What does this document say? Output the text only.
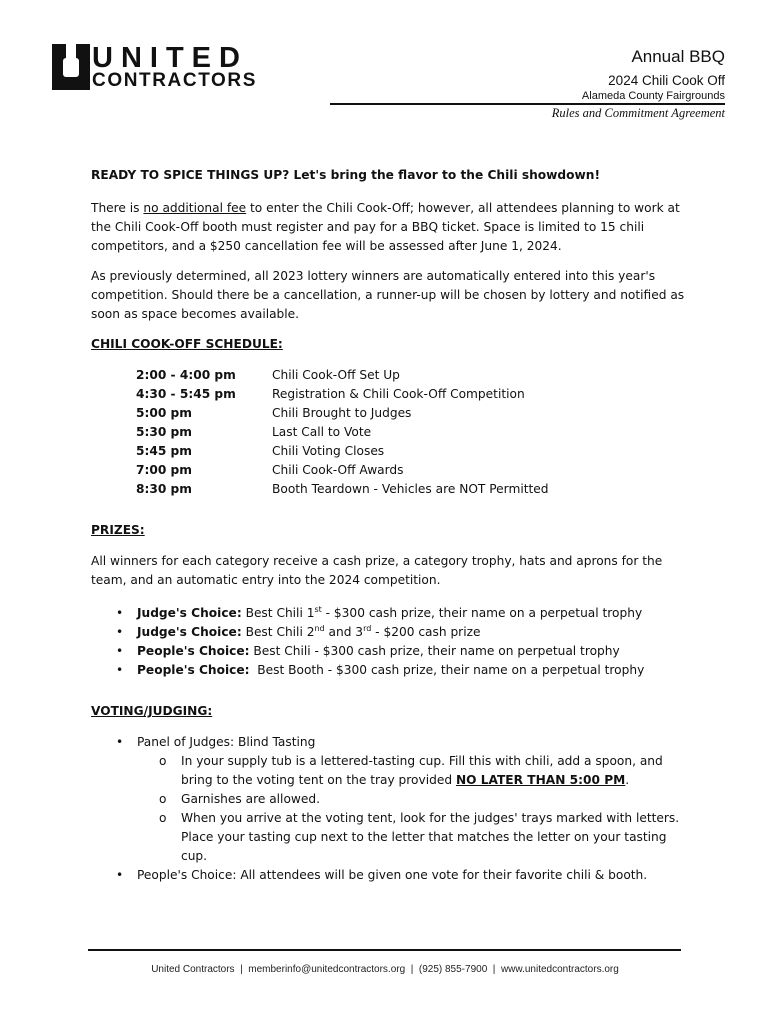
UNITED
CONTRACTORS
Annual BBQ
2024 Chili Cook Off
Alameda County Fairgrounds
Rules and Commitment Agreement

READY TO SPICE THINGS UP? Let's bring the flavor to the Chili showdown!

There is no additional fee to enter the Chili Cook-Off; however, all attendees planning to work at the Chili Cook-Off booth must register and pay for a BBQ ticket. Space is limited to 15 chili competitors, and a $250 cancellation fee will be assessed after June 1, 2024.

As previously determined, all 2023 lottery winners are automatically entered into this year's competition. Should there be a cancellation, a runner-up will be chosen by lottery and notified as soon as space becomes available.

CHILI COOK-OFF SCHEDULE:
2:00 - 4:00 pm	Chili Cook-Off Set Up
4:30 - 5:45 pm	Registration & Chili Cook-Off Competition
5:00 pm	Chili Brought to Judges
5:30 pm	Last Call to Vote
5:45 pm	Chili Voting Closes
7:00 pm	Chili Cook-Off Awards
8:30 pm	Booth Teardown - Vehicles are NOT Permitted
PRIZES:

All winners for each category receive a cash prize, a category trophy, hats and aprons for the team, and an automatic entry into the 2024 competition.

• Judge's Choice: Best Chili 1st - $300 cash prize, their name on a perpetual trophy
• Judge's Choice: Best Chili 2nd and 3rd - $200 cash prize
• People's Choice: Best Chili - $300 cash prize, their name on perpetual trophy
• People's Choice:  Best Booth - $300 cash prize, their name on a perpetual trophy
VOTING/JUDGING:
• Panel of Judges: Blind Tasting
o In your supply tub is a lettered-tasting cup. Fill this with chili, add a spoon, and bring to the voting tent on the tray provided NO LATER THAN 5:00 PM.
o Garnishes are allowed.
o When you arrive at the voting tent, look for the judges' trays marked with letters. Place your tasting cup next to the letter that matches the letter on your tasting cup.
• People's Choice: All attendees will be given one vote for their favorite chili & booth.
United Contractors  |  memberinfo@unitedcontractors.org  |  (925) 855-7900  |  www.unitedcontractors.org
